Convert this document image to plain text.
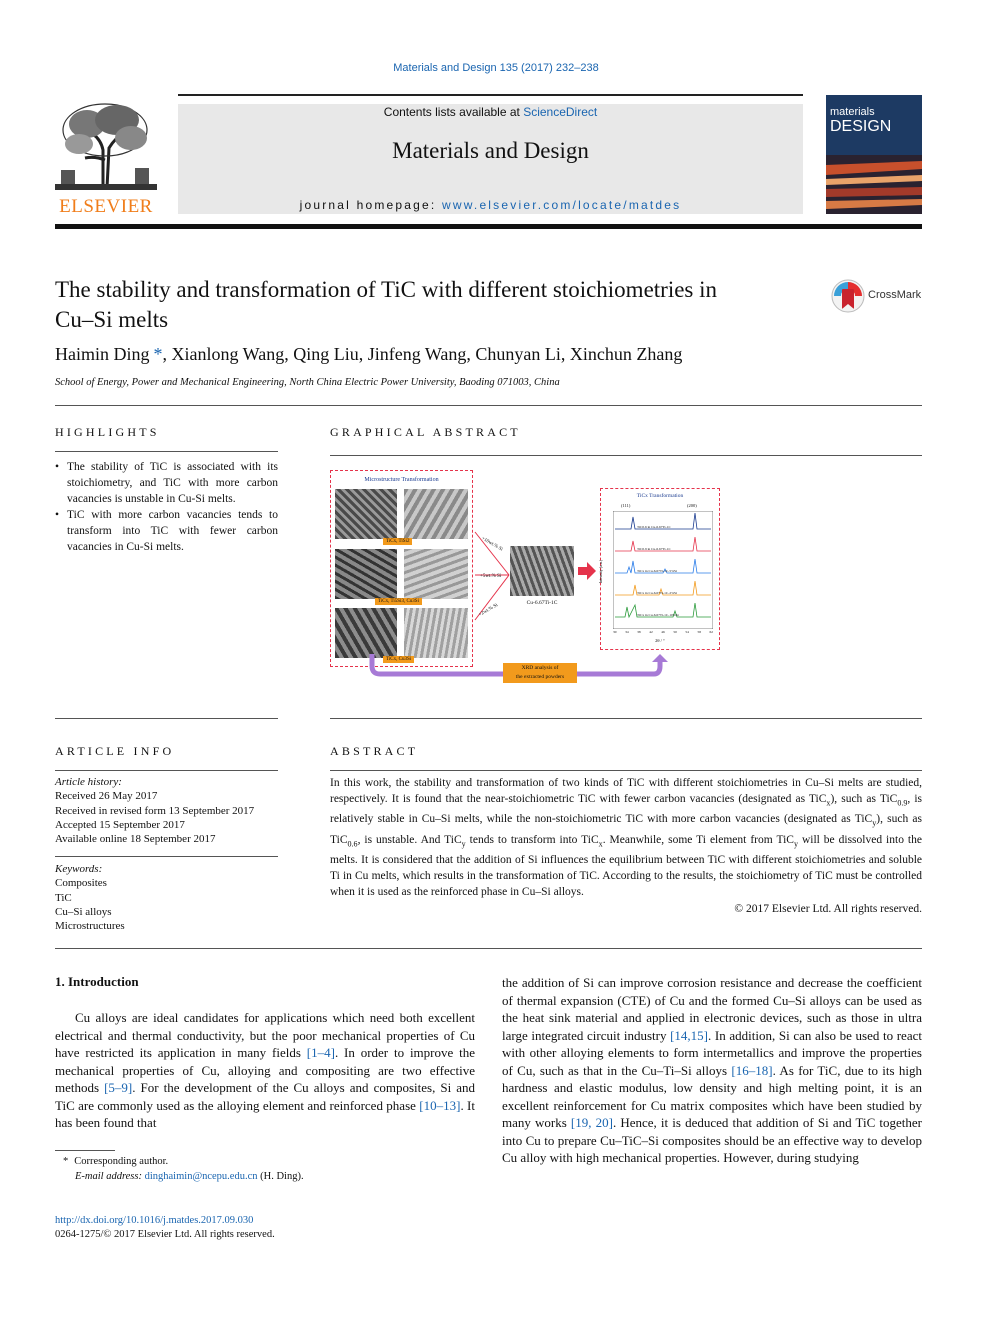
Materials and Design 135 (2017) 232–238
ELSEVIER
Contents lists available at ScienceDirect
Materials and Design
journal homepage: www.elsevier.com/locate/matdes
materials
DESIGN
The stability and transformation of TiC with different stoichiometries in
Cu–Si melts
CrossMark
Haimin Ding *, Xianlong Wang, Qing Liu, Jinfeng Wang, Chunyan Li, Xinchun Zhang
School of Energy, Power and Mechanical Engineering, North China Electric Power University, Baoding 071003, China
HIGHLIGHTS
• The stability of TiC is associated with its stoichiometry, and TiC with more carbon vacancies is unstable in Cu-Si melts.
• TiC with more carbon vacancies tends to transform into TiC with fewer carbon vacancies in Cu-Si melts.
GRAPHICAL ABSTRACT
Microstructure Transformation
TiCx, TiSi2
TiCx, Ti5Si3, Cu3Si
TiCx, Cu3Si
+10wt.% Si
+5wt.% Si
+2wt.% Si
Cu-6.67Ti-1C
TiCx Transformation
(111)	(200)
TiC0.6 in Cu-6.67Ti-1C
TiC0.9 in Cu-6.67Ti-1C
TiCx in Cu-6.67Ti-1C-5%Si
TiCx in Cu-6.67Ti-1C-2%Si
TiCx in Cu-6.67Ti-1C-10%Si
Intensity (a.u.)
30 34 38 42 46 50 54 58 62
2θ / °
XRD analysis of
the extracted powders
ARTICLE INFO
Article history:
Received 26 May 2017
Received in revised form 13 September 2017
Accepted 15 September 2017
Available online 18 September 2017
Keywords:
Composites
TiC
Cu–Si alloys
Microstructures
ABSTRACT

In this work, the stability and transformation of two kinds of TiC with different stoichiometries in Cu–Si melts are studied, respectively. It is found that the near-stoichiometric TiC with fewer carbon vacancies (designated as TiC$_x$), such as TiC$_{0.9}$, is relatively stable in Cu–Si melts, while the non-stoichiometric TiC with more carbon vacancies (designated as TiC$_y$), such as TiC$_{0.6}$, is unstable. And TiC$_y$ tends to transform into TiC$_x$. Meanwhile, some Ti element from TiC$_y$ will be dissolved into the melts. It is considered that the addition of Si influences the equilibrium between TiC with different stoichiometries and soluble Ti in Cu melts, which results in the transformation of TiC. According to the results, the stoichiometry of TiC must be controlled when it is used as the reinforced phase in Cu–Si alloys.

© 2017 Elsevier Ltd. All rights reserved.
1. Introduction

Cu alloys are ideal candidates for applications which need both excellent electrical and thermal conductivity, but the poor mechanical properties of Cu have restricted its application in many fields [1–4]. In order to improve the mechanical properties of Cu, alloying and compositing are two effective methods [5–9]. For the development of the Cu alloys and composites, Si and TiC are commonly used as the alloying element and reinforced phase [10–13]. It has been found that

the addition of Si can improve corrosion resistance and decrease the coefficient of thermal expansion (CTE) of Cu and the formed Cu–Si alloys can be used as the heat sink material and applied in electronic devices, such as those in ultra large integrated circuit industry [14,15]. In addition, Si can also be used to react with other alloying elements to form intermetallics and improve the properties of Cu, such as that in the Cu–Ti–Si alloys [16–18]. As for TiC, due to its high hardness and elastic modulus, low density and high melting point, it is an excellent reinforcement for Cu matrix composites which have been studied by many works [19, 20]. Hence, it is deduced that addition of Si and TiC together into Cu to prepare Cu–TiC–Si composites should be an effective way to develop Cu alloy with high mechanical properties. However, during studying

* Corresponding author.
E-mail address: dinghaimin@ncepu.edu.cn (H. Ding).
http://dx.doi.org/10.1016/j.matdes.2017.09.030
0264-1275/© 2017 Elsevier Ltd. All rights reserved.
